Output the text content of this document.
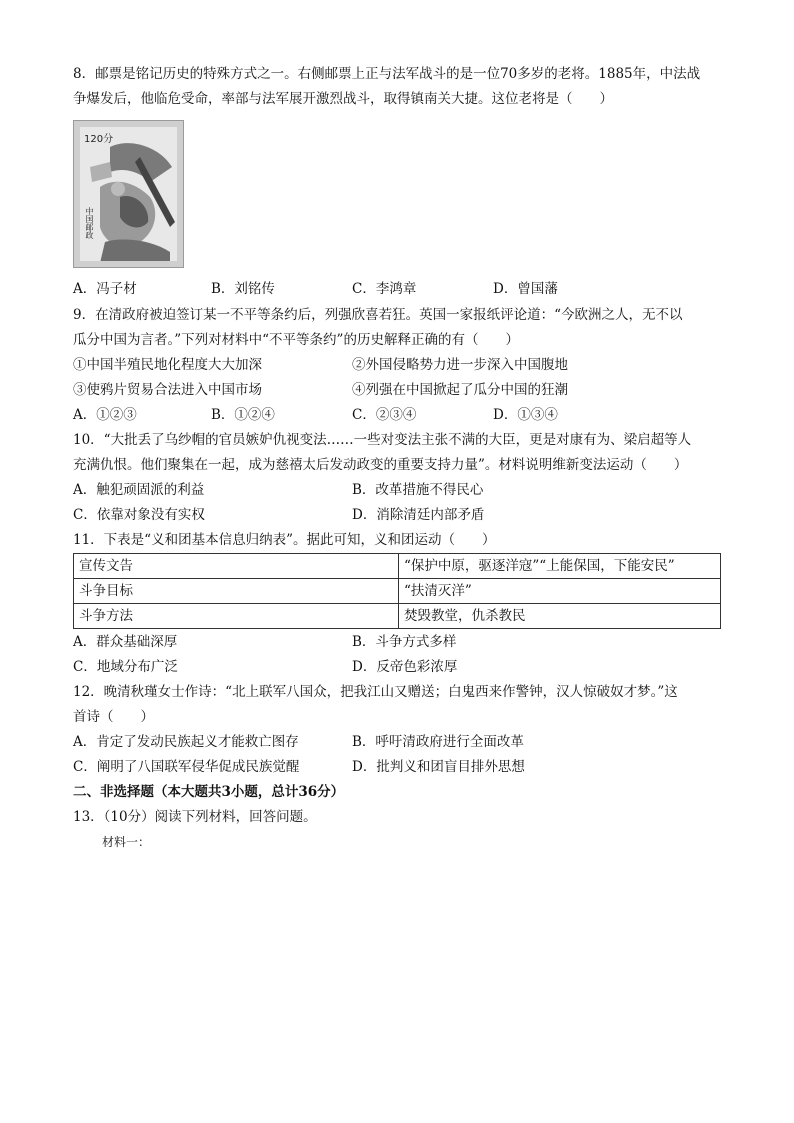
8．邮票是铭记历史的特殊方式之一。右侧邮票上正与法军战斗的是一位70多岁的老将。1885年，中法战
争爆发后，他临危受命，率部与法军展开激烈战斗，取得镇南关大捷。这位老将是（　　）
120分
中国邮政
A．冯子材	B．刘铭传	C．李鸿章	D．曾国藩
9．在清政府被迫签订某一不平等条约后，列强欣喜若狂。英国一家报纸评论道：“今欧洲之人，无不以
瓜分中国为言者。”下列对材料中“不平等条约”的历史解释正确的有（　　）
①中国半殖民地化程度大大加深	②外国侵略势力进一步深入中国腹地
③使鸦片贸易合法进入中国市场	④列强在中国掀起了瓜分中国的狂潮
A．①②③	B．①②④	C．②③④	D．①③④
10．“大批丢了乌纱帽的官员嫉妒仇视变法……一些对变法主张不满的大臣，更是对康有为、梁启超等人
充满仇恨。他们聚集在一起，成为慈禧太后发动政变的重要支持力量”。材料说明维新变法运动（　　）
A．触犯顽固派的利益	B．改革措施不得民心
C．依靠对象没有实权	D．消除清廷内部矛盾
11．下表是“义和团基本信息归纳表”。据此可知，义和团运动（　　）
宣传文告	“保护中原，驱逐洋寇”“上能保国，下能安民”
斗争目标	“扶清灭洋”
斗争方法	焚毁教堂，仇杀教民
A．群众基础深厚	B．斗争方式多样
C．地域分布广泛	D．反帝色彩浓厚
12．晚清秋瑾女士作诗：“北上联军八国众，把我江山又赠送；白鬼西来作警钟，汉人惊破奴才梦。”这
首诗（　　）
A．肯定了发动民族起义才能救亡图存	B．呼吁清政府进行全面改革
C．阐明了八国联军侵华促成民族觉醒	D．批判义和团盲目排外思想
二、非选择题（本大题共3小题，总计36分）
13．（10分）阅读下列材料，回答问题。
材料一：
